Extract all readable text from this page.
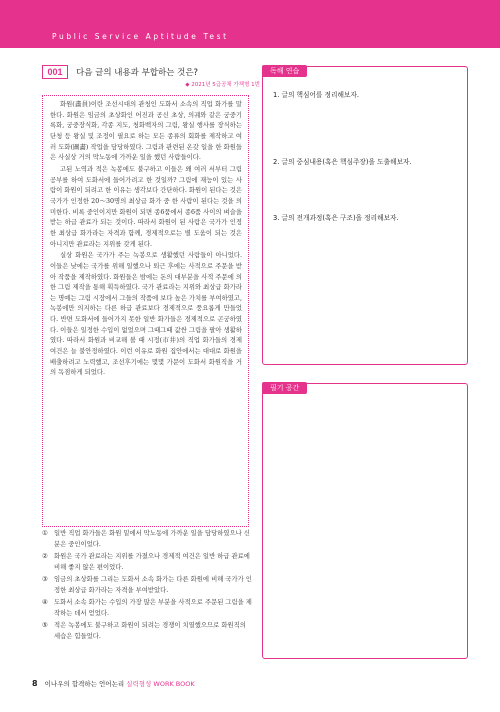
Public Service Aptitude Test
001	다음 글의 내용과 부합하는 것은?
◆ 2021년 5급공채 가책형 1번

화원(畵員)이란 조선시대의 관청인 도화서 소속의 직업 화가를 말한다. 화원은 임금의 초상화인 어진과 공신 초상, 의궤와 같은 궁중기록화, 궁중장식화, 각종 지도, 청화백자의 그림, 왕실 행사를 장식하는 단청 등 왕실 및 조정이 필요로 하는 모든 종류의 회화를 제작하고 여러 도화(圖畵) 작업을 담당하였다. 그림과 관련된 온갖 일을 한 화원들은 사실상 거의 막노동에 가까운 일을 했던 사람들이다.

고된 노역과 적은 녹봉에도 불구하고 이들은 왜 여러 서부터 그림 공부를 하여 도화서에 들어가려고 한 것일까? 그림에 재능이 있는 사람이 화원이 되려고 한 이유는 생각보다 간단하다. 화원이 된다는 것은 국가가 인정한 20～30명의 최상급 화가 중 한 사람이 된다는 것을 의미한다. 비록 중인이지만 화원이 되면 종6품에서 종6품 사이의 벼슬을 받는 하급 관료가 되는 것이다. 따라서 화원이 된 사람은 국가가 인정한 최상급 화가라는 자격과 함께, 경제적으로는 별 도움이 되는 것은 아니지만 관료라는 지위를 갖게 된다.

실상 화원은 국가가 주는 녹봉으로 생활했던 사람들이 아니었다. 이들은 낮에는 국가를 위해 일했으나 퇴근 후에는 사적으로 주문을 받아 작품을 제작하였다. 화원들은 밤에는 돈의 대부분을 사적 주문에 의한 그림 제작을 통해 획득하였다. 국가 관료라는 지위와 최상급 화가라는 명예는 그림 시장에서 그들의 작품에 보다 높은 가치를 부여하였고, 녹봉에만 의지하는 다른 하급 관료보다 경제적으로 풍요롭게 만들었다. 반면 도화서에 들어가지 못한 일반 화가들은 경제적으로 곤궁하였다. 이들은 일정한 수입이 없었으며 그때그때 값싼 그림을 팔아 생활하였다. 따라서 화원과 비교해 볼 때 시정(市井)의 직업 화가들의 경제 여건은 늘 불안정하였다. 이런 이유로 화원 집안에서는 대대로 화원을 배출하려고 노력했고, 조선후기에는 몇몇 가문이 도화서 화원직을 거의 독점하게 되었다.

① 일반 직업 화가들은 화원 밑에서 막노동에 가까운 일을 담당하였으나 신분은 중인이었다.
② 화원은 국가 관료라는 지위를 가졌으나 경제적 여건은 일반 하급 관료에 비해 좋지 않은 편이었다.
③ 임금의 초상화를 그리는 도화서 소속 화가는 다른 화원에 비해 국가가 인정한 최상급 화가라는 자격을 부여받았다.
④ 도화서 소속 화가는 수입의 가장 많은 부분을 사적으로 주문된 그림을 제작하는 데서 얻었다.
⑤ 적은 녹봉에도 불구하고 화원이 되려는 경쟁이 치열했으므로 화원직의 세습은 힘들었다.
독해 연습
1. 글의 핵심어를 정리해보자.
2. 글의 중심내용(혹은 핵심주장)을 도출해보자.
3. 글의 전개과정(혹은 구조)을 정리해보자.
필기 공간
8 이나우의 합격하는 언어논리 실력형성 WORK BOOK
